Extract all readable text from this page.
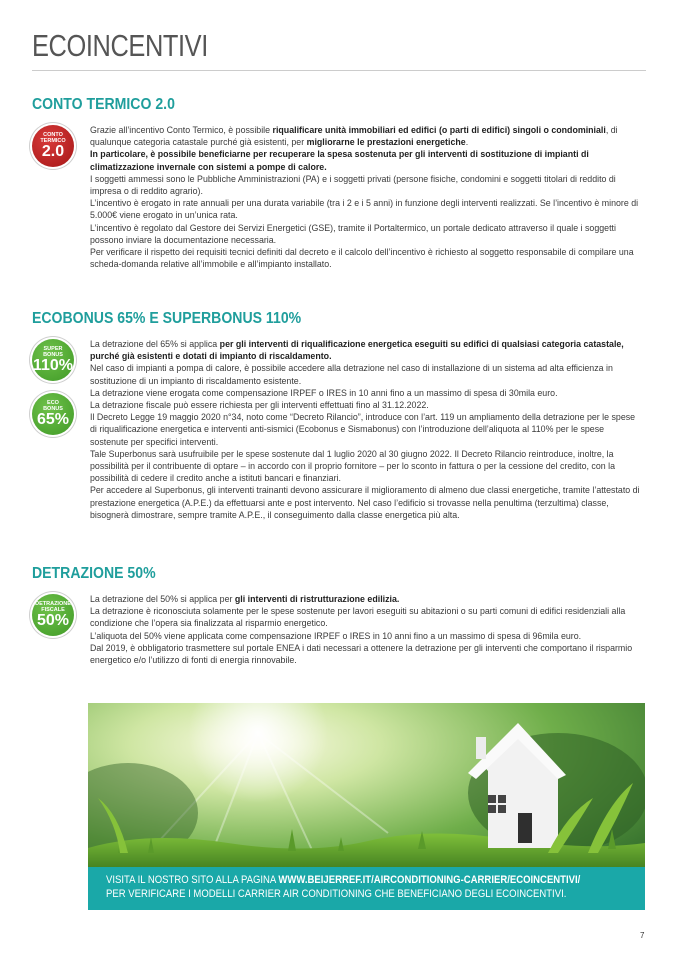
ECOINCENTIVI
CONTO TERMICO 2.0
CONTO
TERMICO
2.0

Grazie all’incentivo Conto Termico, è possibile riqualificare unità immobiliari ed edifici (o parti di edifici) singoli o condominiali, di qualunque categoria catastale purché già esistenti, per migliorarne le prestazioni energetiche.

In particolare, è possibile beneficiarne per recuperare la spesa sostenuta per gli interventi di sostituzione di impianti di climatizzazione invernale con sistemi a pompe di calore.

I soggetti ammessi sono le Pubbliche Amministrazioni (PA) e i soggetti privati (persone fisiche, condomini e soggetti titolari di reddito di impresa o di reddito agrario).

L’incentivo è erogato in rate annuali per una durata variabile (tra i 2 e i 5 anni) in funzione degli interventi realizzati. Se l’incentivo è minore di 5.000€ viene erogato in un’unica rata.

L’incentivo è regolato dal Gestore dei Servizi Energetici (GSE), tramite il Portaltermico, un portale dedicato attraverso il quale i soggetti possono inviare la documentazione necessaria.

Per verificare il rispetto dei requisiti tecnici definiti dal decreto e il calcolo dell’incentivo è richiesto al soggetto responsabile di compilare una scheda-domanda relative all’immobile e all’impianto installato.

ECOBONUS 65% E SUPERBONUS 110%
SUPER
BONUS
110%
ECO
BONUS
65%

La detrazione del 65% si applica per gli interventi di riqualificazione energetica eseguiti su edifici di qualsiasi categoria catastale, purché già esistenti e dotati di impianto di riscaldamento.

Nel caso di impianti a pompa di calore, è possibile accedere alla detrazione nel caso di installazione di un sistema ad alta efficienza in sostituzione di un impianto di riscaldamento esistente.

La detrazione viene erogata come compensazione IRPEF o IRES in 10 anni fino a un massimo di spesa di 30mila euro.

La detrazione fiscale può essere richiesta per gli interventi effettuati fino al 31.12.2022.

Il Decreto Legge 19 maggio 2020 n°34, noto come “Decreto Rilancio”, introduce con l’art. 119 un ampliamento della detrazione per le spese di riqualificazione energetica e interventi anti-sismici (Ecobonus e Sismabonus) con l’introduzione dell’aliquota al 110% per le spese sostenute per specifici interventi.

Tale Superbonus sarà usufruibile per le spese sostenute dal 1 luglio 2020 al 30 giugno 2022. Il Decreto Rilancio reintroduce, inoltre, la possibilità per il contribuente di optare – in accordo con il proprio fornitore – per lo sconto in fattura o per la cessione del credito, con la possibilità di cedere il credito anche a istituti bancari e finanziari.

Per accedere al Superbonus, gli interventi trainanti devono assicurare il miglioramento di almeno due classi energetiche, tramite l’attestato di prestazione energetica (A.P.E.) da effettuarsi ante e post intervento. Nel caso l’edificio si trovasse nella penultima (terzultima) classe, bisognerà dimostrare, sempre tramite A.P.E., il conseguimento dalla classe energetica più alta.

DETRAZIONE 50%
DETRAZIONE
FISCALE
50%

La detrazione del 50% si applica per gli interventi di ristrutturazione edilizia.

La detrazione è riconosciuta solamente per le spese sostenute per lavori eseguiti su abitazioni o su parti comuni di edifici residenziali alla condizione che l’opera sia finalizzata al risparmio energetico.

L’aliquota del 50% viene applicata come compensazione IRPEF o IRES in 10 anni fino a un massimo di spesa di 96mila euro.

Dal 2019, è obbligatorio trasmettere sul portale ENEA i dati necessari a ottenere la detrazione per gli interventi che comportano il risparmio energetico e/o l’utilizzo di fonti di energia rinnovabile.

VISITA IL NOSTRO SITO ALLA PAGINA WWW.BEIJERREF.IT/AIRCONDITIONING-CARRIER/ECOINCENTIVI/
PER VERIFICARE I MODELLI CARRIER AIR CONDITIONING CHE BENEFICIANO DEGLI ECOINCENTIVI.
7
